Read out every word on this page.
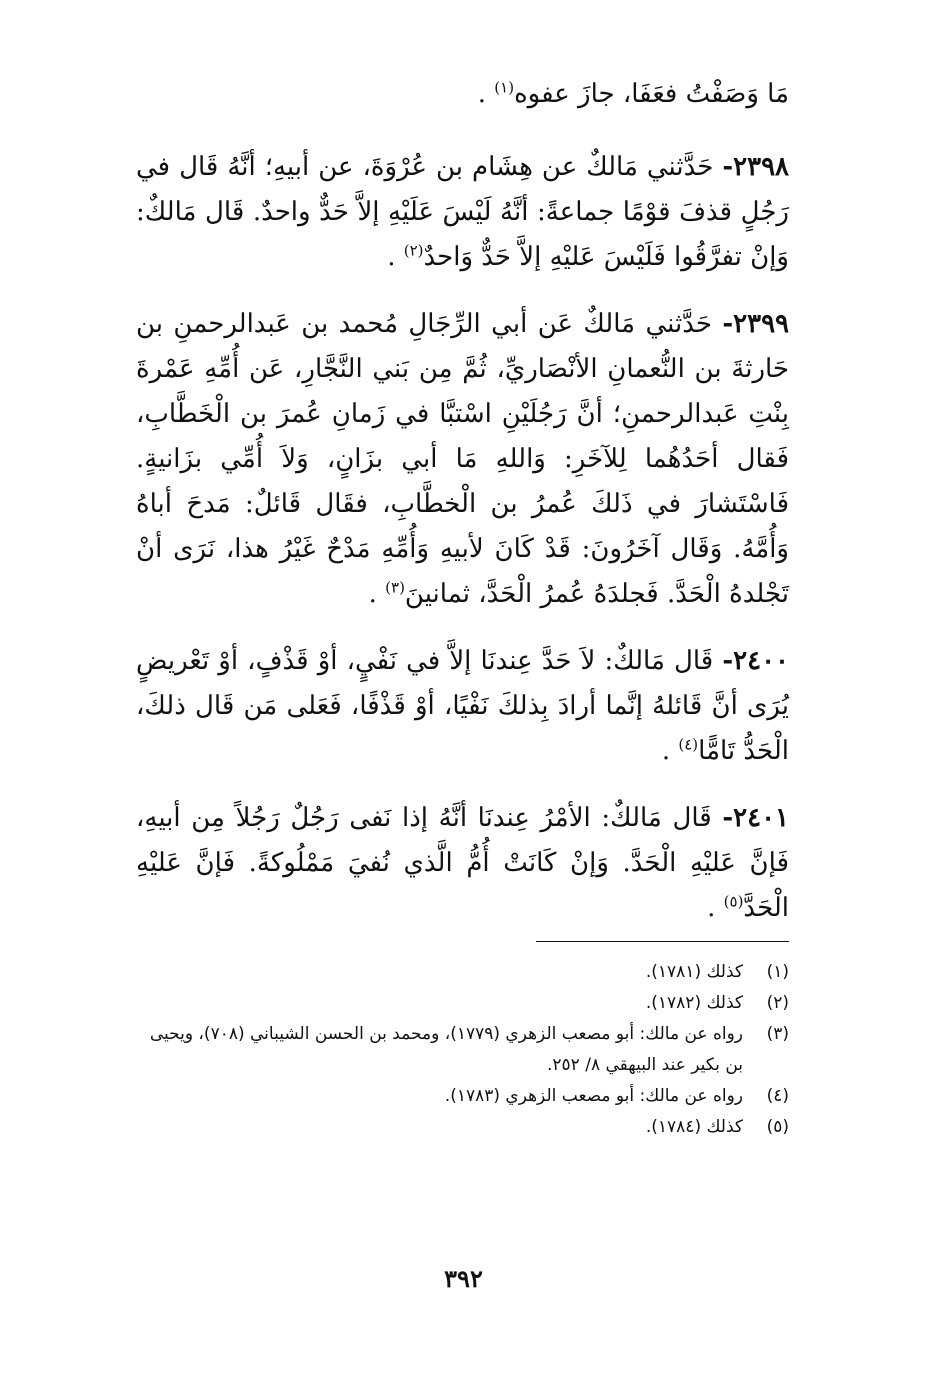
مَا وَصَفْتُ فعَفَا، جازَ عفوه$^{(١)}$ .

٢٣٩٨- حَدَّثني مَالكٌ عن هِشَام بن عُرْوَةَ، عن أبيهِ؛ أنَّهُ قَال في رَجُلٍ قذفَ قوْمًا جماعةً: أنَّهُ لَيْسَ عَلَيْهِ إلاَّ حَدٌّ واحدٌ. قَال مَالكٌ: وَإنْ تفرَّقُوا فَلَيْسَ عَليْهِ إلاَّ حَدٌّ وَاحدٌ$^{(٢)}$ .

٢٣٩٩- حَدَّثني مَالكٌ عَن أبي الرِّجَالِ مُحمد بن عَبدالرحمنِ بن حَارثةَ بن النُّعمانِ الأنْصَاريِّ، ثُمَّ مِن بَني النَّجَّارِ، عَن أُمِّهِ عَمْرةَ بِنْتِ عَبدالرحمنِ؛ أنَّ رَجُلَيْنِ اسْتبَّا في زَمانِ عُمرَ بن الْخَطَّابِ، فَقال أحَدُهُما لِلآخَرِ: وَاللهِ مَا أبي بزَانٍ، وَلاَ أُمِّي بزَانيةٍ. فَاسْتَشارَ في ذَلكَ عُمرُ بن الْخطَّابِ، فقَال قَائلٌ: مَدحَ أباهُ وَأُمَّهُ. وَقَال آخَرُونَ: قَدْ كَانَ لأبيهِ وَأُمِّهِ مَدْحٌ غَيْرُ هذا، نَرَى أنْ تَجْلدهُ الْحَدَّ. فَجلدَهُ عُمرُ الْحَدَّ، ثمانينَ$^{(٣)}$ .

٢٤٠٠- قَال مَالكٌ: لاَ حَدَّ عِندنَا إلاَّ في نَفْيٍ، أوْ قَذْفٍ، أوْ تَعْريضٍ يُرَى أنَّ قَائلهُ إنَّما أرادَ بِذلكَ نَفْيًا، أوْ قَذْفًا، فَعَلى مَن قَال ذلكَ، الْحَدُّ تَامًّا$^{(٤)}$ .

٢٤٠١- قَال مَالكٌ: الأمْرُ عِندنَا أنَّهُ إذا نَفى رَجُلٌ رَجُلاً مِن أبيهِ، فَإنَّ عَليْهِ الْحَدَّ. وَإنْ كَانَتْ أُمُّ الَّذي نُفيَ مَمْلُوكةً. فَإنَّ عَليْهِ الْحَدَّ$^{(٥)}$ .

(١)
كذلك (١٧٨١).

(٢)
كذلك (١٧٨٢).

(٣)
رواه عن مالك: أبو مصعب الزهري (١٧٧٩)، ومحمد بن الحسن الشيباني (٧٠٨)، ويحيى بن بكير عند البيهقي ٨/ ٢٥٢.

(٤)
رواه عن مالك: أبو مصعب الزهري (١٧٨٣).

(٥)
كذلك (١٧٨٤).

٣٩٢
